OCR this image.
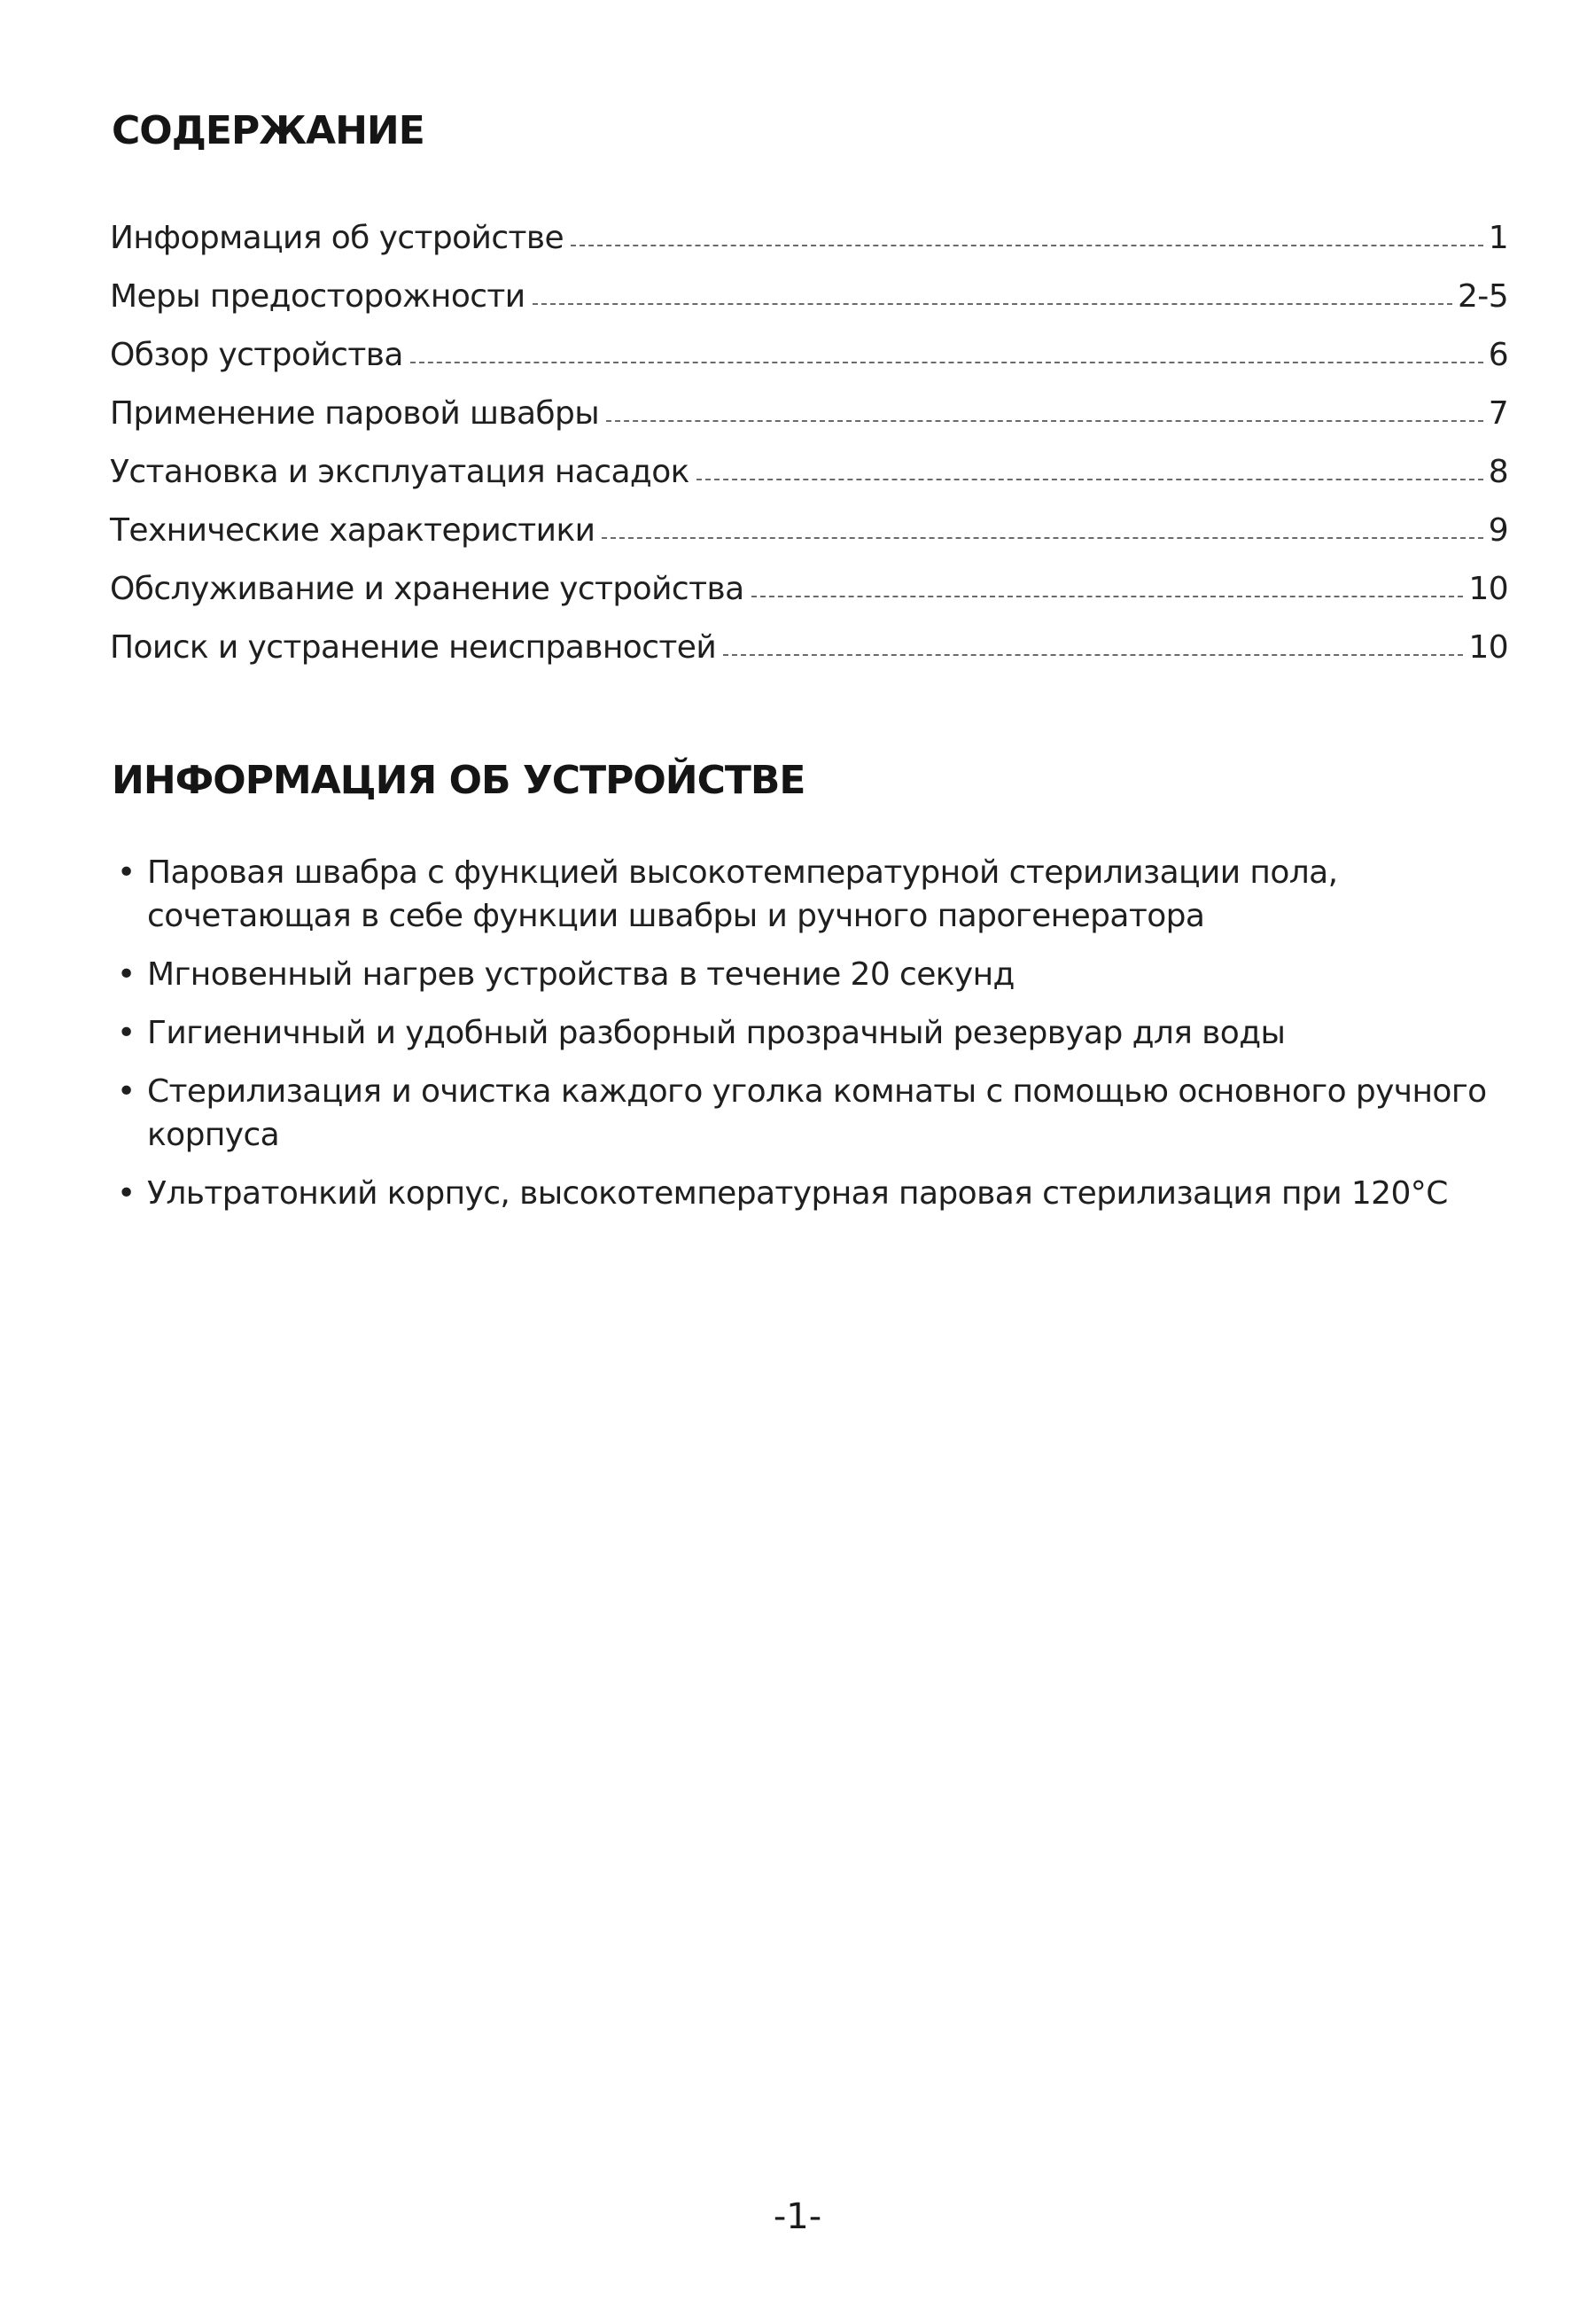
СОДЕРЖАНИЕ
Информация об устройстве	1
Меры предосторожности	2-5
Обзор устройства	6
Применение паровой швабры	7
Установка и эксплуатация насадок	8
Технические характеристики	9
Обслуживание и хранение устройства	10
Поиск и устранение неисправностей	10
ИНФОРМАЦИЯ ОБ УСТРОЙСТВЕ
• Паровая швабра с функцией высокотемпературной стерилизации пола, сочетающая в себе функции швабры и ручного парогенератора
• Мгновенный нагрев устройства в течение 20 секунд
• Гигиеничный и удобный разборный прозрачный резервуар для воды
• Стерилизация и очистка каждого уголка комнаты с помощью основного ручного корпуса
• Ультратонкий корпус, высокотемпературная паровая стерилизация при 120°С
-1-
